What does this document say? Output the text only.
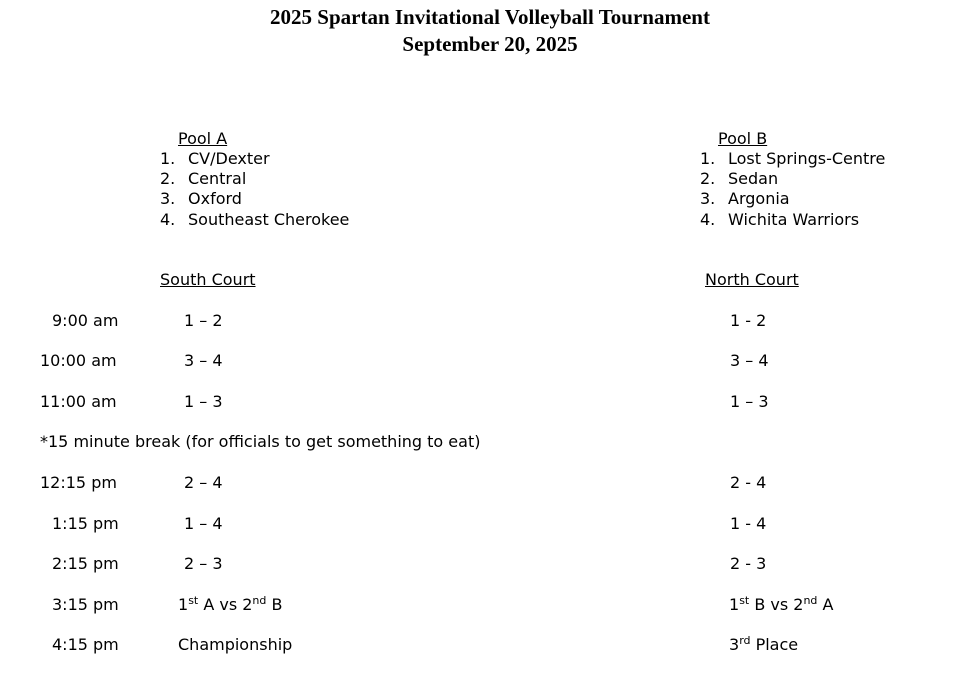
2025 Spartan Invitational Volleyball Tournament
September 20, 2025
Pool A
1. CV/Dexter
2. Central
3. Oxford
4. Southeast Cherokee
Pool B
1. Lost Springs-Centre
2. Sedan
3. Argonia
4. Wichita Warriors
South Court	North Court
9:00 am	1 – 2	1 - 2
10:00 am	3 – 4	3 – 4
11:00 am	1 – 3	1 – 3
*15 minute break (for officials to get something to eat)
12:15 pm	2 – 4	2 - 4
1:15 pm	1 – 4	1 - 4
2:15 pm	2 – 3	2 - 3
3:15 pm	1st A vs 2nd B	1st B vs 2nd A
4:15 pm	Championship	3rd Place
